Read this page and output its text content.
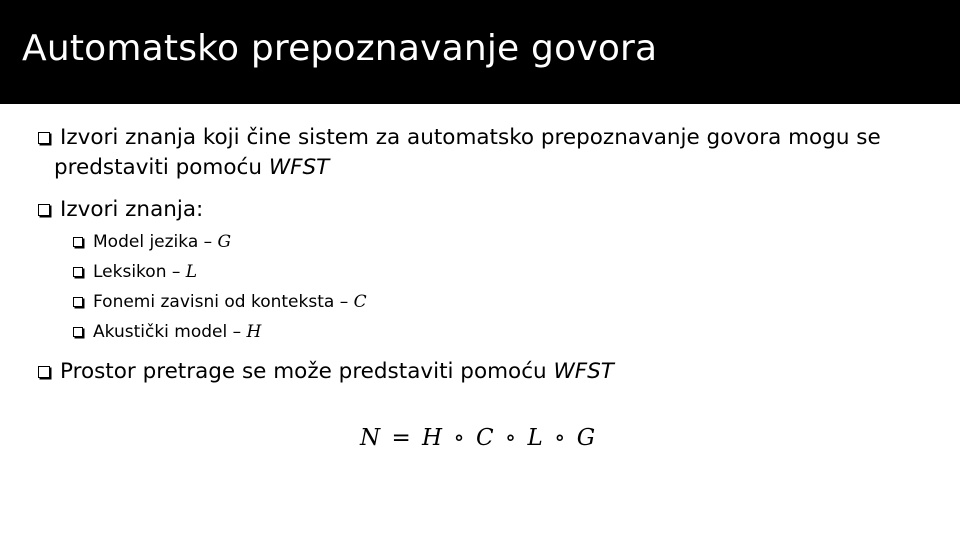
Automatsko prepoznavanje govora
Izvori znanja koji čine sistem za automatsko prepoznavanje govora mogu se
predstaviti pomoću WFST
Izvori znanja:
Model jezika – G
Leksikon – L
Fonemi zavisni od konteksta – C
Akustički model – H
Prostor pretrage se može predstaviti pomoću WFST
N = H ∘ C ∘ L ∘ G
